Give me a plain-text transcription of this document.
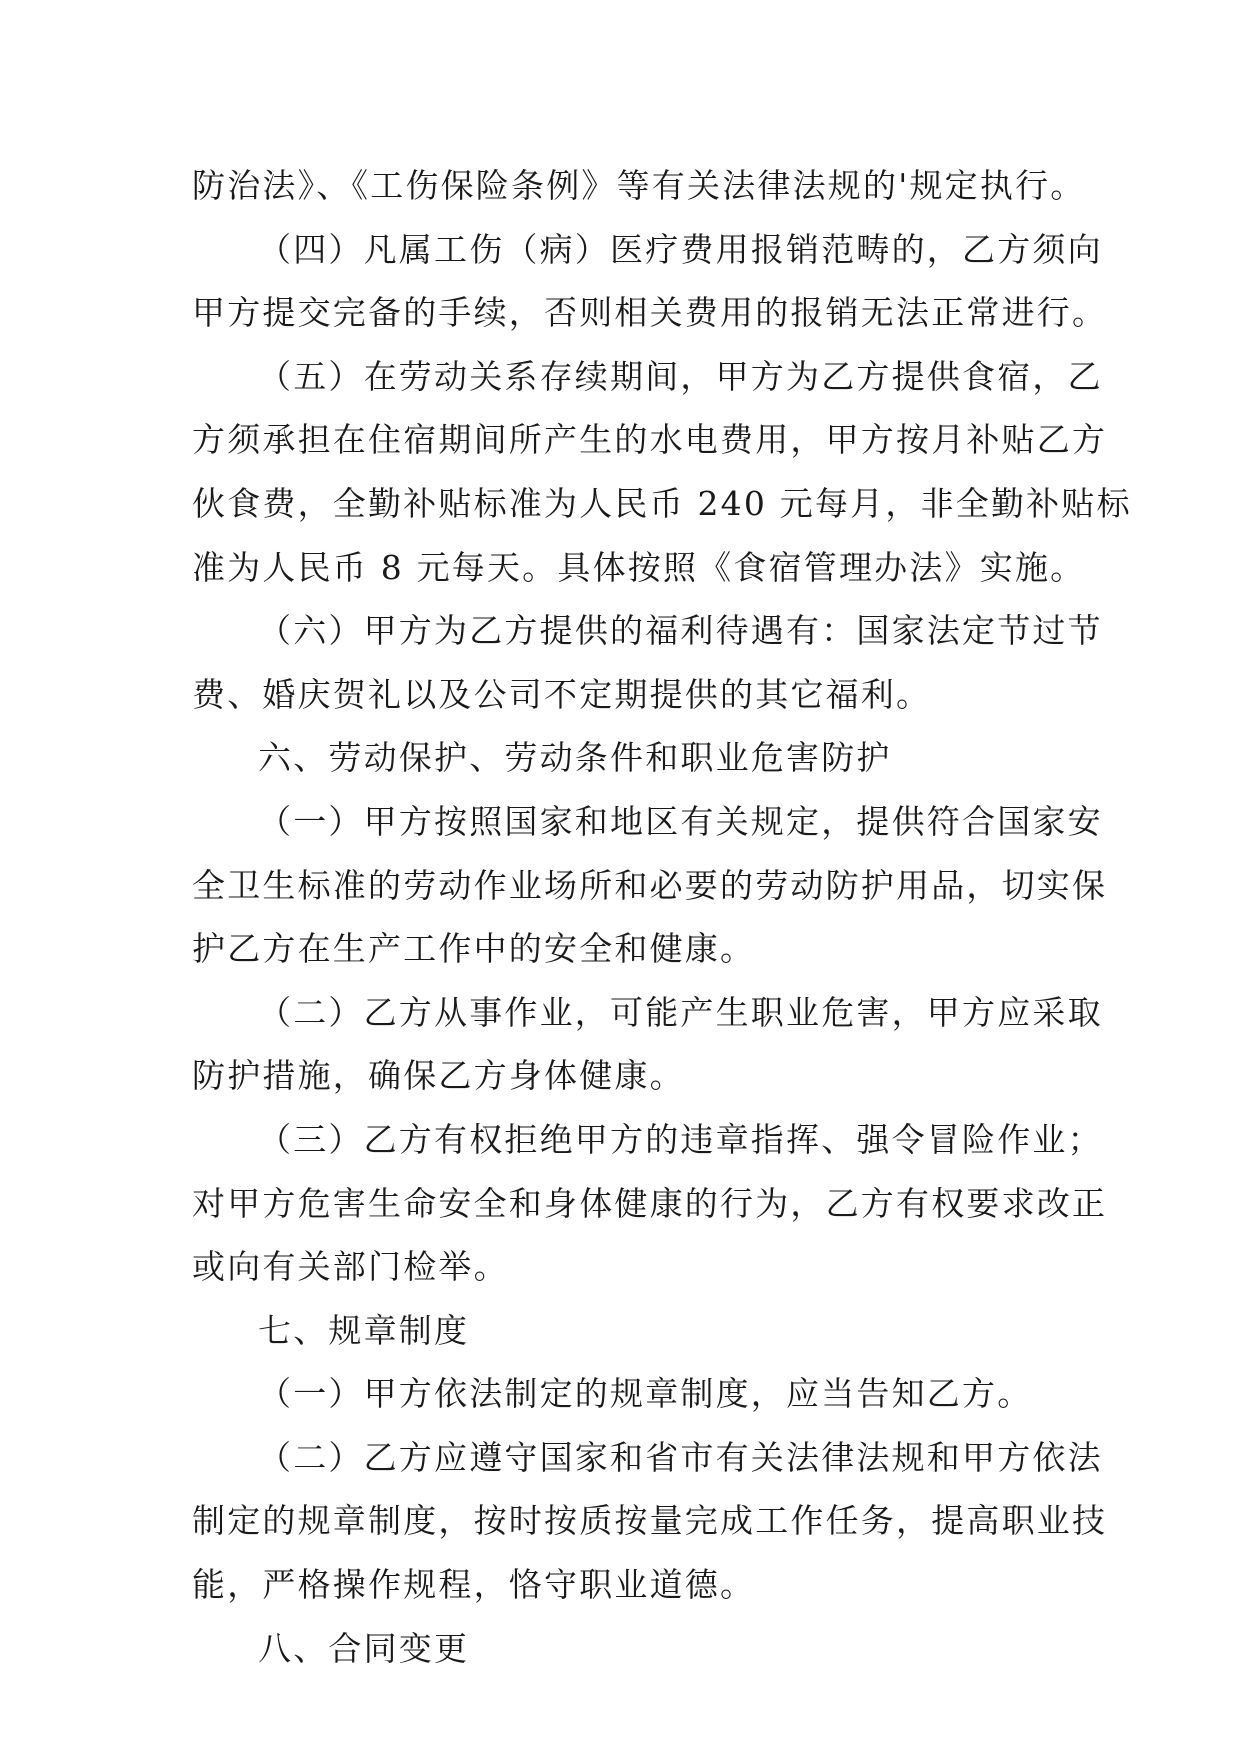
防治法》、《工伤保险条例》等有关法律法规的'规定执行。
（四）凡属工伤（病）医疗费用报销范畴的，乙方须向
甲方提交完备的手续，否则相关费用的报销无法正常进行。
（五）在劳动关系存续期间，甲方为乙方提供食宿，乙
方须承担在住宿期间所产生的水电费用，甲方按月补贴乙方
伙食费，全勤补贴标准为人民币 240 元每月，非全勤补贴标
准为人民币 8 元每天。具体按照《食宿管理办法》实施。
（六）甲方为乙方提供的福利待遇有：国家法定节过节
费、婚庆贺礼以及公司不定期提供的其它福利。
六、劳动保护、劳动条件和职业危害防护
（一）甲方按照国家和地区有关规定，提供符合国家安
全卫生标准的劳动作业场所和必要的劳动防护用品，切实保
护乙方在生产工作中的安全和健康。
（二）乙方从事作业，可能产生职业危害，甲方应采取
防护措施，确保乙方身体健康。
（三）乙方有权拒绝甲方的违章指挥、强令冒险作业；
对甲方危害生命安全和身体健康的行为，乙方有权要求改正
或向有关部门检举。
七、规章制度
（一）甲方依法制定的规章制度，应当告知乙方。
（二）乙方应遵守国家和省市有关法律法规和甲方依法
制定的规章制度，按时按质按量完成工作任务，提高职业技
能，严格操作规程，恪守职业道德。
八、合同变更
